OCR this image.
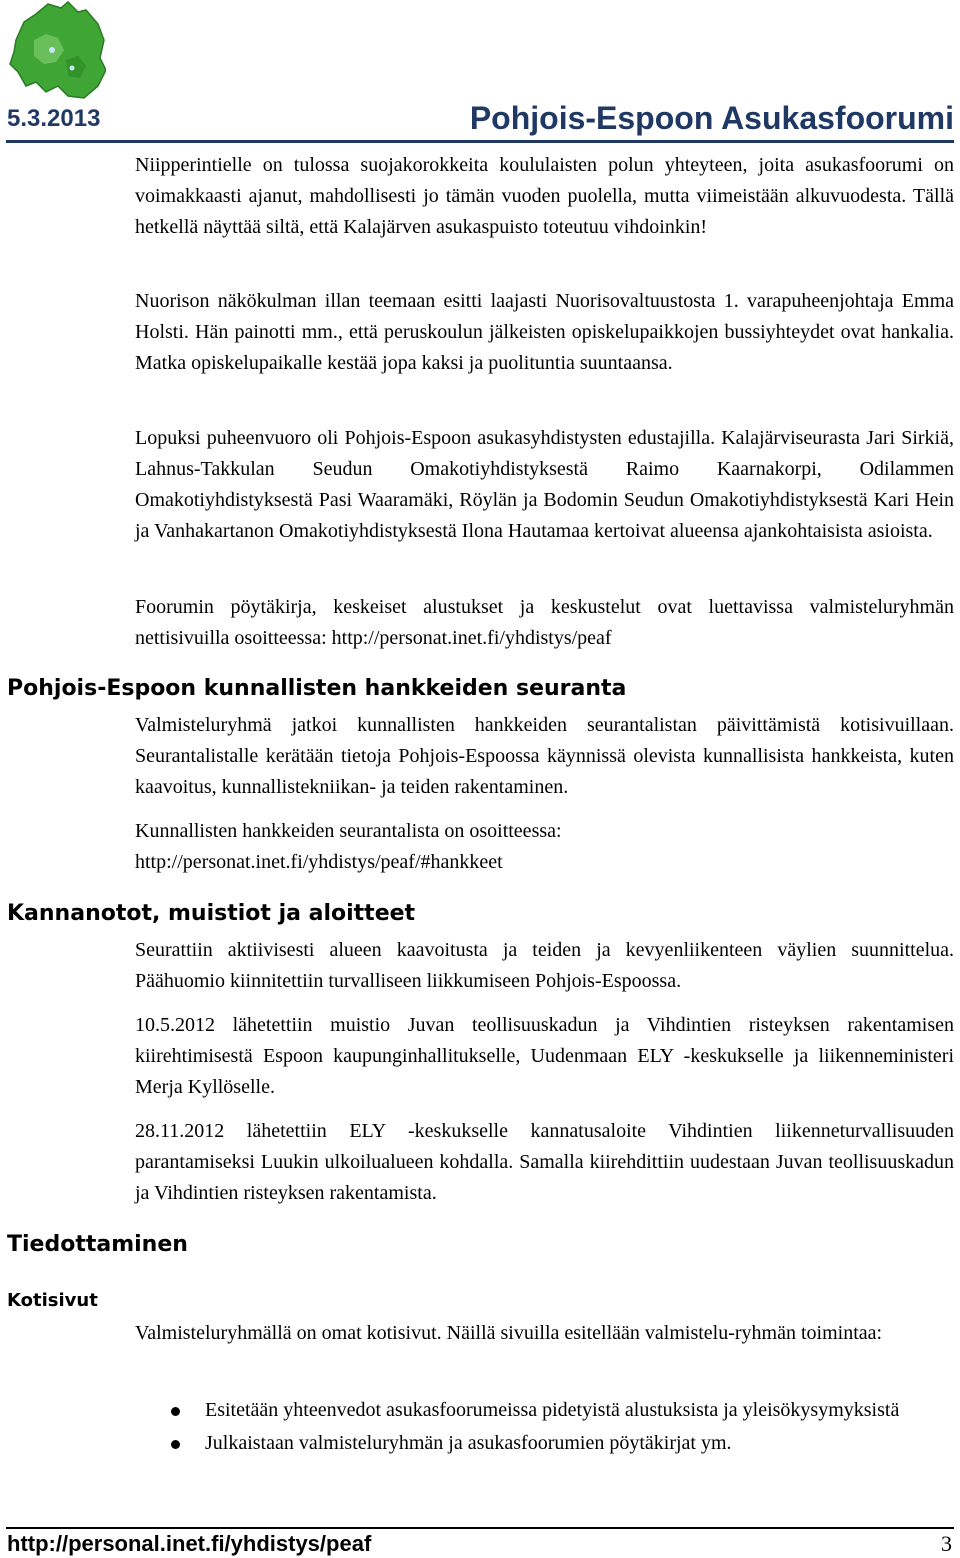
5.3.2013	Pohjois-Espoon Asukasfoorumi

Niipperintielle on tulossa suojakorokkeita koululaisten polun yhteyteen, joita asukasfoorumi on voimakkaasti ajanut, mahdollisesti jo tämän vuoden puolella, mutta viimeistään alkuvuodesta. Tällä hetkellä näyttää siltä, että Kalajärven asukaspuisto toteutuu vihdoinkin!

Nuorison näkökulman illan teemaan esitti laajasti Nuorisovaltuustosta 1. varapuheenjohtaja Emma Holsti. Hän painotti mm., että peruskoulun jälkeisten opiskelupaikkojen bussiyhteydet ovat hankalia. Matka opiskelupaikalle kestää jopa kaksi ja puolituntia suuntaansa.

Lopuksi puheenvuoro oli Pohjois-Espoon asukasyhdistysten edustajilla. Kalajärviseurasta Jari Sirkiä, Lahnus-Takkulan Seudun Omakotiyhdistyksestä Raimo Kaarnakorpi, Odilammen Omakotiyhdistyksestä Pasi Waaramäki, Röylän ja Bodomin Seudun Omakotiyhdistyksestä Kari Hein ja Vanhakartanon Omakotiyhdistyksestä Ilona Hautamaa kertoivat alueensa ajankohtaisista asioista.

Foorumin pöytäkirja, keskeiset alustukset ja keskustelut ovat luettavissa valmisteluryhmän nettisivuilla osoitteessa: http://personat.inet.fi/yhdistys/peaf

Pohjois-Espoon kunnallisten hankkeiden seuranta

Valmisteluryhmä jatkoi kunnallisten hankkeiden seurantalistan päivittämistä kotisivuillaan. Seurantalistalle kerätään tietoja Pohjois-Espoossa käynnissä olevista kunnallisista hankkeista, kuten kaavoitus, kunnallistekniikan- ja teiden rakentaminen.

Kunnallisten hankkeiden seurantalista on osoitteessa:
http://personat.inet.fi/yhdistys/peaf/#hankkeet

Kannanotot, muistiot ja aloitteet

Seurattiin aktiivisesti alueen kaavoitusta ja teiden ja kevyenliikenteen väylien suunnittelua. Päähuomio kiinnitettiin turvalliseen liikkumiseen Pohjois-Espoossa.

10.5.2012 lähetettiin muistio Juvan teollisuuskadun ja Vihdintien risteyksen rakentamisen kiirehtimisestä Espoon kaupunginhallitukselle, Uudenmaan ELY -keskukselle ja liikenneministeri Merja Kyllöselle.

28.11.2012 lähetettiin ELY -keskukselle kannatusaloite Vihdintien liikenneturvallisuuden parantamiseksi Luukin ulkoilualueen kohdalla. Samalla kiirehdittiin uudestaan Juvan teollisuuskadun ja Vihdintien risteyksen rakentamista.

Tiedottaminen
Kotisivut

Valmisteluryhmällä on omat kotisivut. Näillä sivuilla esitellään valmistelu-ryhmän toimintaa:

Esitetään yhteenvedot asukasfoorumeissa pidetyistä alustuksista ja yleisökysymyksistä
Julkaistaan valmisteluryhmän ja asukasfoorumien pöytäkirjat ym.
http://personal.inet.fi/yhdistys/peaf	3
